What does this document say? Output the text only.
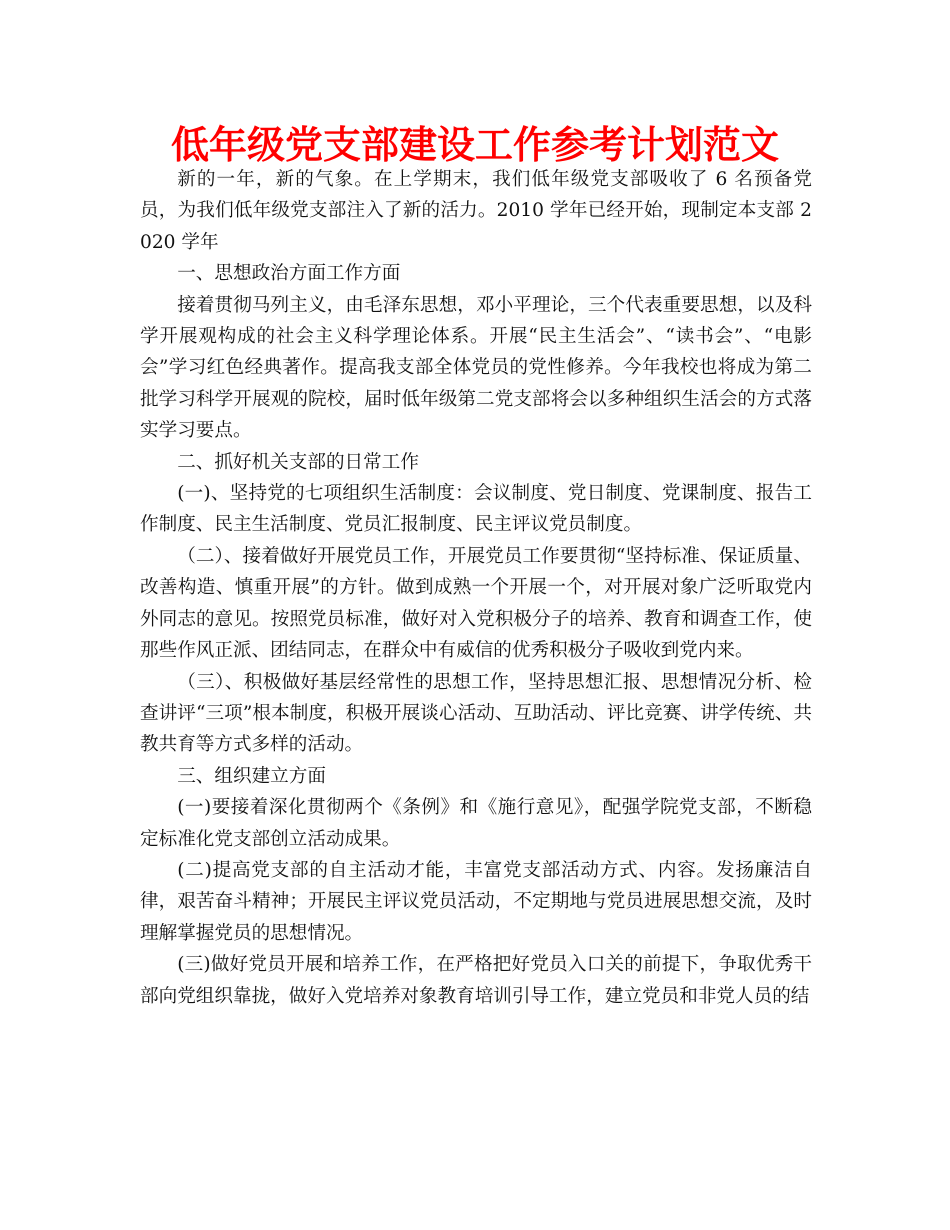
低年级党支部建设工作参考计划范文

新的一年，新的气象。在上学期末，我们低年级党支部吸收了 6 名预备党员，为我们低年级党支部注入了新的活力。2010 学年已经开始，现制定本支部 2020 学年

一、思想政治方面工作方面

接着贯彻马列主义，由毛泽东思想，邓小平理论，三个代表重要思想，以及科学开展观构成的社会主义科学理论体系。开展“民主生活会”、“读书会”、“电影会”学习红色经典著作。提高我支部全体党员的党性修养。今年我校也将成为第二批学习科学开展观的院校，届时低年级第二党支部将会以多种组织生活会的方式落实学习要点。

二、抓好机关支部的日常工作

(一)、坚持党的七项组织生活制度：会议制度、党日制度、党课制度、报告工作制度、民主生活制度、党员汇报制度、民主评议党员制度。

（二）、接着做好开展党员工作，开展党员工作要贯彻“坚持标准、保证质量、改善构造、慎重开展”的方针。做到成熟一个开展一个，对开展对象广泛听取党内外同志的意见。按照党员标准，做好对入党积极分子的培养、教育和调查工作，使那些作风正派、团结同志，在群众中有威信的优秀积极分子吸收到党内来。

（三）、积极做好基层经常性的思想工作，坚持思想汇报、思想情况分析、检查讲评“三项”根本制度，积极开展谈心活动、互助活动、评比竞赛、讲学传统、共教共育等方式多样的活动。

三、组织建立方面

(一)要接着深化贯彻两个《条例》和《施行意见》，配强学院党支部，不断稳定标准化党支部创立活动成果。

(二)提高党支部的自主活动才能，丰富党支部活动方式、内容。发扬廉洁自律，艰苦奋斗精神；开展民主评议党员活动，不定期地与党员进展思想交流，及时理解掌握党员的思想情况。

(三)做好党员开展和培养工作，在严格把好党员入口关的前提下，争取优秀干部向党组织靠拢，做好入党培养对象教育培训引导工作，建立党员和非党人员的结
